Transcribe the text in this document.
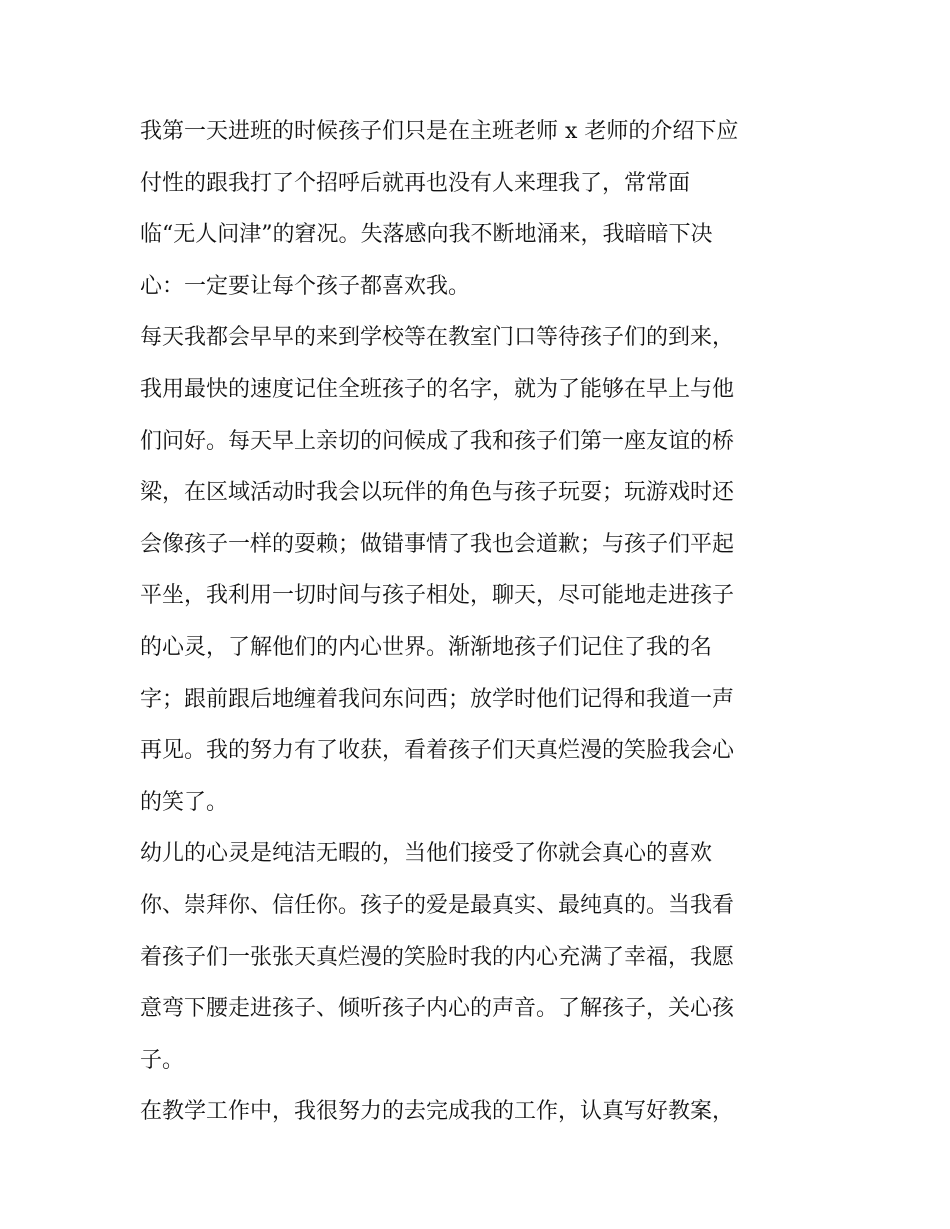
我第一天进班的时候孩子们只是在主班老师 x 老师的介绍下应
付性的跟我打了个招呼后就再也没有人来理我了，常常面
临“无人问津”的窘况。失落感向我不断地涌来，我暗暗下决
心：一定要让每个孩子都喜欢我。
每天我都会早早的来到学校等在教室门口等待孩子们的到来，
我用最快的速度记住全班孩子的名字，就为了能够在早上与他
们问好。每天早上亲切的问候成了我和孩子们第一座友谊的桥
梁，在区域活动时我会以玩伴的角色与孩子玩耍；玩游戏时还
会像孩子一样的耍赖；做错事情了我也会道歉；与孩子们平起
平坐，我利用一切时间与孩子相处，聊天，尽可能地走进孩子
的心灵，了解他们的内心世界。渐渐地孩子们记住了我的名
字；跟前跟后地缠着我问东问西；放学时他们记得和我道一声
再见。我的努力有了收获，看着孩子们天真烂漫的笑脸我会心
的笑了。
幼儿的心灵是纯洁无暇的，当他们接受了你就会真心的喜欢
你、崇拜你、信任你。孩子的爱是最真实、最纯真的。当我看
着孩子们一张张天真烂漫的笑脸时我的内心充满了幸福，我愿
意弯下腰走进孩子、倾听孩子内心的声音。了解孩子，关心孩
子。
在教学工作中，我很努力的去完成我的工作，认真写好教案，
